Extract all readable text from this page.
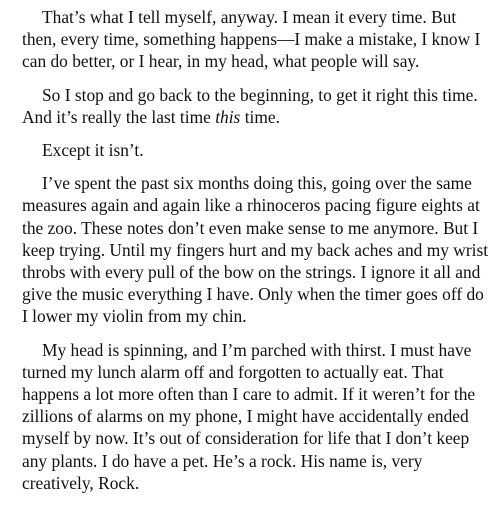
That’s what I tell myself, anyway. I mean it every time. But then, every time, something happens—I make a mistake, I know I can do better, or I hear, in my head, what people will say.

So I stop and go back to the beginning, to get it right this time. And it’s really the last time this time.

Except it isn’t.

I’ve spent the past six months doing this, going over the same measures again and again like a rhinoceros pacing figure eights at the zoo. These notes don’t even make sense to me anymore. But I keep trying. Until my fingers hurt and my back aches and my wrist throbs with every pull of the bow on the strings. I ignore it all and give the music everything I have. Only when the timer goes off do I lower my violin from my chin.

My head is spinning, and I’m parched with thirst. I must have turned my lunch alarm off and forgotten to actually eat. That happens a lot more often than I care to admit. If it weren’t for the zillions of alarms on my phone, I might have accidentally ended myself by now. It’s out of consideration for life that I don’t keep any plants. I do have a pet. He’s a rock. His name is, very creatively, Rock.
